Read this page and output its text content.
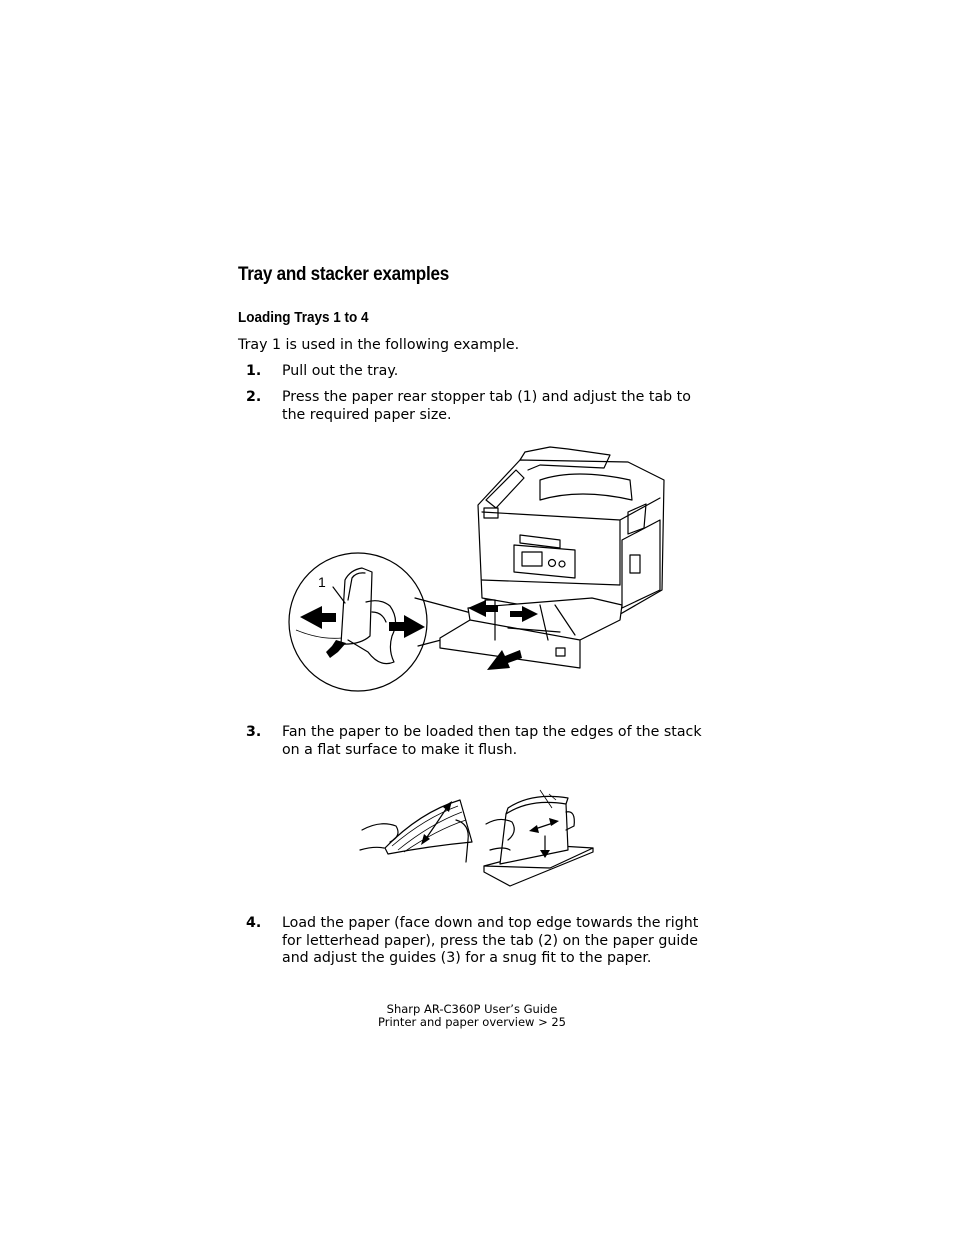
Tray and stacker examples
Loading Trays 1 to 4
Tray 1 is used in the following example.
1. Pull out the tray.
2. Press the paper rear stopper tab (1) and adjust the tab to the required paper size.
1
3. Fan the paper to be loaded then tap the edges of the stack on a flat surface to make it flush.
4. Load the paper (face down and top edge towards the right for letterhead paper), press the tab (2) on the paper guide and adjust the guides (3) for a snug fit to the paper.
Sharp AR-C360P User’s Guide
Printer and paper overview > 25
